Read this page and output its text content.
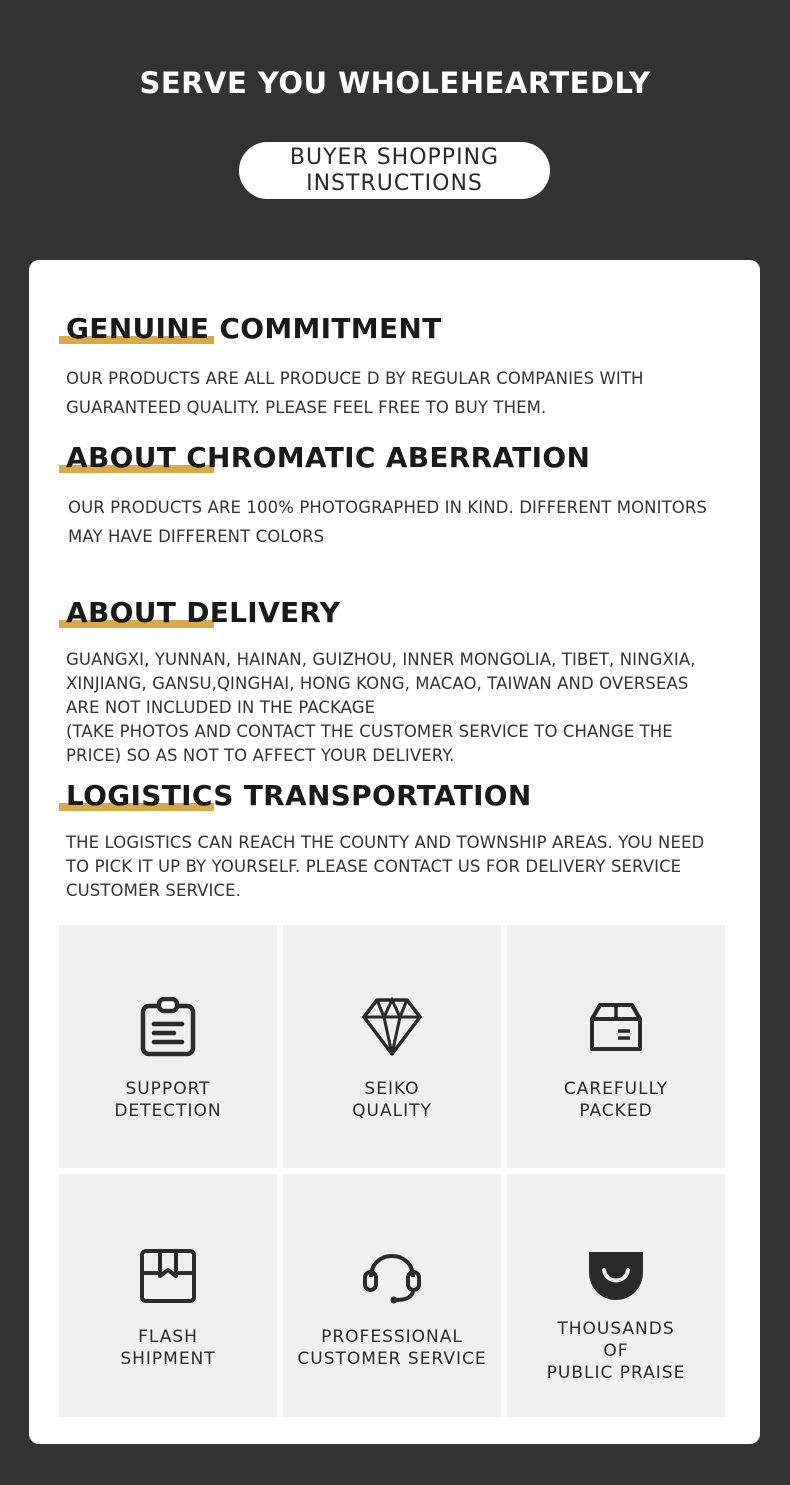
SERVE YOU WHOLEHEARTEDLY
BUYER SHOPPING
INSTRUCTIONS
GENUINE COMMITMENT
OUR PRODUCTS ARE ALL PRODUCE D BY REGULAR COMPANIES WITH
GUARANTEED QUALITY. PLEASE FEEL FREE TO BUY THEM.
ABOUT CHROMATIC ABERRATION
OUR PRODUCTS ARE 100% PHOTOGRAPHED IN KIND. DIFFERENT MONITORS
MAY HAVE DIFFERENT COLORS
ABOUT DELIVERY
GUANGXI, YUNNAN, HAINAN, GUIZHOU, INNER MONGOLIA, TIBET, NINGXIA,
XINJIANG, GANSU,QINGHAI, HONG KONG, MACAO, TAIWAN AND OVERSEAS
ARE NOT INCLUDED IN THE PACKAGE
(TAKE PHOTOS AND CONTACT THE CUSTOMER SERVICE TO CHANGE THE
PRICE) SO AS NOT TO AFFECT YOUR DELIVERY.
LOGISTICS TRANSPORTATION
THE LOGISTICS CAN REACH THE COUNTY AND TOWNSHIP AREAS. YOU NEED
TO PICK IT UP BY YOURSELF. PLEASE CONTACT US FOR DELIVERY SERVICE
CUSTOMER SERVICE.
SUPPORT
DETECTION
SEIKO
QUALITY
CAREFULLY
PACKED
FLASH
SHIPMENT
PROFESSIONAL
CUSTOMER SERVICE
THOUSANDS
OF
PUBLIC PRAISE
